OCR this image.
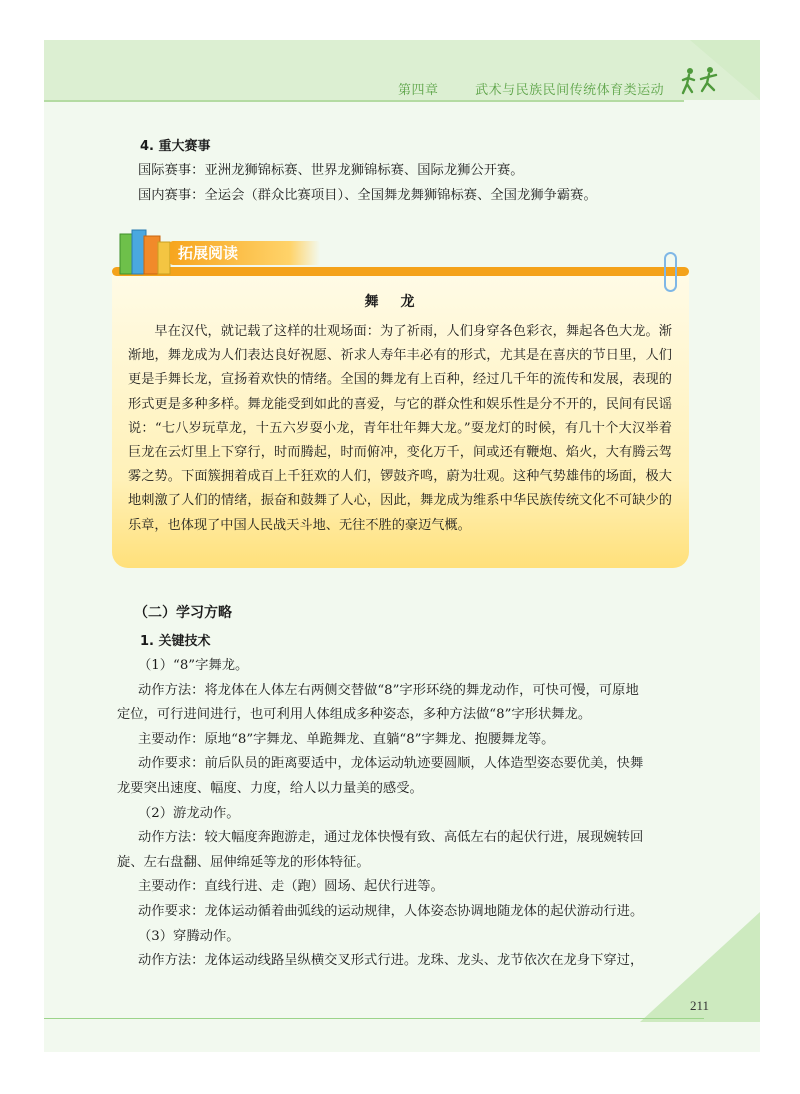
第四章	武术与民族民间传统体育类运动
4. 重大赛事
国际赛事：亚洲龙狮锦标赛、世界龙狮锦标赛、国际龙狮公开赛。
国内赛事：全运会（群众比赛项目）、全国舞龙舞狮锦标赛、全国龙狮争霸赛。
拓展阅读
舞龙
早在汉代，就记载了这样的壮观场面：为了祈雨，人们身穿各色彩衣，舞起各色大龙。渐渐地，舞龙成为人们表达良好祝愿、祈求人寿年丰必有的形式，尤其是在喜庆的节日里，人们更是手舞长龙，宣扬着欢快的情绪。全国的舞龙有上百种，经过几千年的流传和发展，表现的形式更是多种多样。舞龙能受到如此的喜爱，与它的群众性和娱乐性是分不开的，民间有民谣说：“七八岁玩草龙，十五六岁耍小龙，青年壮年舞大龙。”耍龙灯的时候，有几十个大汉举着巨龙在云灯里上下穿行，时而腾起，时而俯冲，变化万千，间或还有鞭炮、焰火，大有腾云驾雾之势。下面簇拥着成百上千狂欢的人们，锣鼓齐鸣，蔚为壮观。这种气势雄伟的场面，极大地刺激了人们的情绪，振奋和鼓舞了人心，因此，舞龙成为维系中华民族传统文化不可缺少的乐章，也体现了中国人民战天斗地、无往不胜的豪迈气概。
（二）学习方略
1. 关键技术
（1）“8”字舞龙。
动作方法：将龙体在人体左右两侧交替做“8”字形环绕的舞龙动作，可快可慢，可原地
定位，可行进间进行，也可利用人体组成多种姿态，多种方法做“8”字形状舞龙。
主要动作：原地“8”字舞龙、单跪舞龙、直躺“8”字舞龙、抱腰舞龙等。
动作要求：前后队员的距离要适中，龙体运动轨迹要圆顺，人体造型姿态要优美，快舞
龙要突出速度、幅度、力度，给人以力量美的感受。
（2）游龙动作。
动作方法：较大幅度奔跑游走，通过龙体快慢有致、高低左右的起伏行进，展现婉转回
旋、左右盘翻、屈伸绵延等龙的形体特征。
主要动作：直线行进、走（跑）圆场、起伏行进等。
动作要求：龙体运动循着曲弧线的运动规律，人体姿态协调地随龙体的起伏游动行进。
（3）穿腾动作。
动作方法：龙体运动线路呈纵横交叉形式行进。龙珠、龙头、龙节依次在龙身下穿过，
211
